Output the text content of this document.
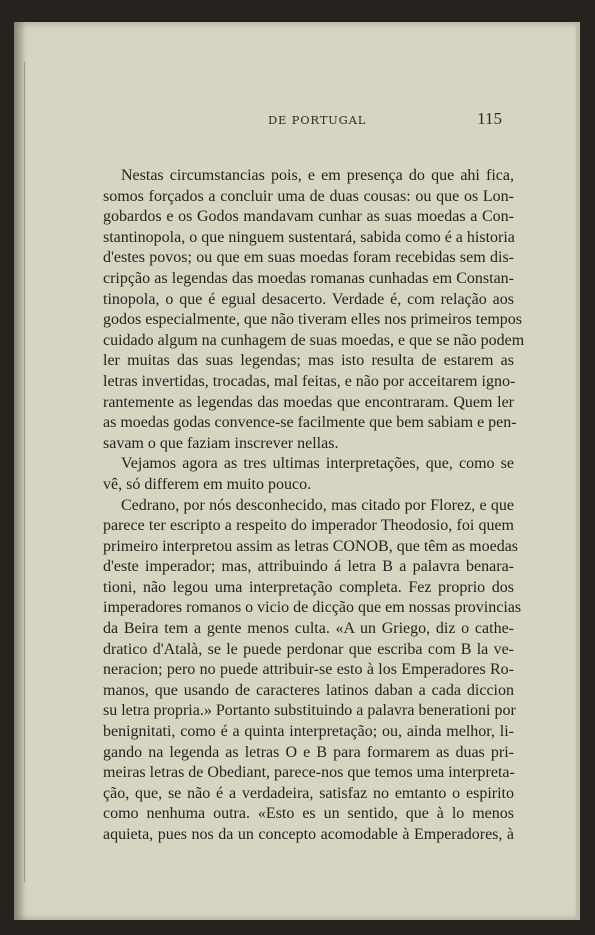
DE PORTUGAL	115
Nestas circumstancias pois, e em presença do que ahi fica,
somos forçados a concluir uma de duas cousas: ou que os Lon-
gobardos e os Godos mandavam cunhar as suas moedas a Con-
stantinopola, o que ninguem sustentará, sabida como é a historia
d'estes povos; ou que em suas moedas foram recebidas sem dis-
cripção as legendas das moedas romanas cunhadas em Constan-
tinopola, o que é egual desacerto. Verdade é, com relação aos
godos especialmente, que não tiveram elles nos primeiros tempos
cuidado algum na cunhagem de suas moedas, e que se não podem
ler muitas das suas legendas; mas isto resulta de estarem as
letras invertidas, trocadas, mal feitas, e não por acceitarem igno-
rantemente as legendas das moedas que encontraram. Quem ler
as moedas godas convence-se facilmente que bem sabiam e pen-
savam o que faziam inscrever nellas.
Vejamos agora as tres ultimas interpretações, que, como se
vê, só differem em muito pouco.
Cedrano, por nós desconhecido, mas citado por Florez, e que
parece ter escripto a respeito do imperador Theodosio, foi quem
primeiro interpretou assim as letras CONOB, que têm as moedas
d'este imperador; mas, attribuindo á letra B a palavra benara-
tioni, não legou uma interpretação completa. Fez proprio dos
imperadores romanos o vicio de dicção que em nossas provincias
da Beira tem a gente menos culta. «A un Griego, diz o cathe-
dratico d'Atalà, se le puede perdonar que escriba com B la ve-
neracion; pero no puede attribuir-se esto à los Emperadores Ro-
manos, que usando de caracteres latinos daban a cada diccion
su letra propria.» Portanto substituindo a palavra benerationi por
benignitati, como é a quinta interpretação; ou, ainda melhor, li-
gando na legenda as letras O e B para formarem as duas pri-
meiras letras de Obediant, parece-nos que temos uma interpreta-
ção, que, se não é a verdadeira, satisfaz no emtanto o espirito
como nenhuma outra. «Esto es un sentido, que à lo menos
aquieta, pues nos da un concepto acomodable à Emperadores, à
